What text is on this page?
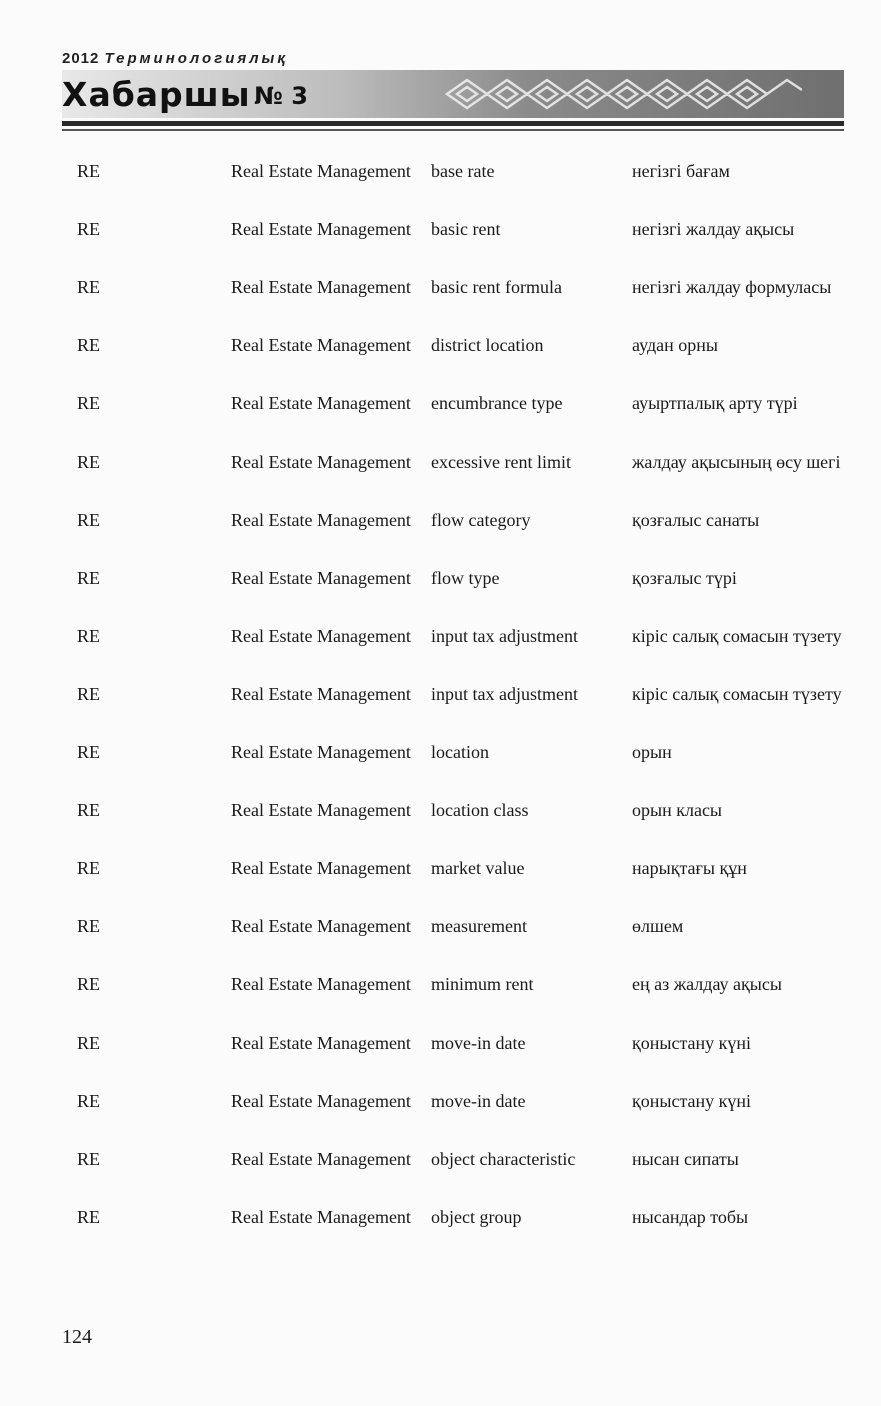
2012 Терминологиялық
Хабаршы № 3
RE	Real Estate Management	base rate	негізгі бағам
RE	Real Estate Management	basic rent	негізгі жалдау ақысы
RE	Real Estate Management	basic rent formula	негізгі жалдау формуласы
RE	Real Estate Management	district location	аудан орны
RE	Real Estate Management	encumbrance type	ауыртпалық арту түрі
RE	Real Estate Management	excessive rent limit	жалдау ақысының өсу шегі
RE	Real Estate Management	flow category	қозғалыс санаты
RE	Real Estate Management	flow type	қозғалыс түрі
RE	Real Estate Management	input tax adjustment	кіріс салық сомасын түзету
RE	Real Estate Management	input tax adjustment	кіріс салық сомасын түзету
RE	Real Estate Management	location	орын
RE	Real Estate Management	location class	орын класы
RE	Real Estate Management	market value	нарықтағы құн
RE	Real Estate Management	measurement	өлшем
RE	Real Estate Management	minimum rent	ең аз жалдау ақысы
RE	Real Estate Management	move-in date	қоныстану күні
RE	Real Estate Management	move-in date	қоныстану күні
RE	Real Estate Management	object characteristic	нысан сипаты
RE	Real Estate Management	object group	нысандар тобы
124
